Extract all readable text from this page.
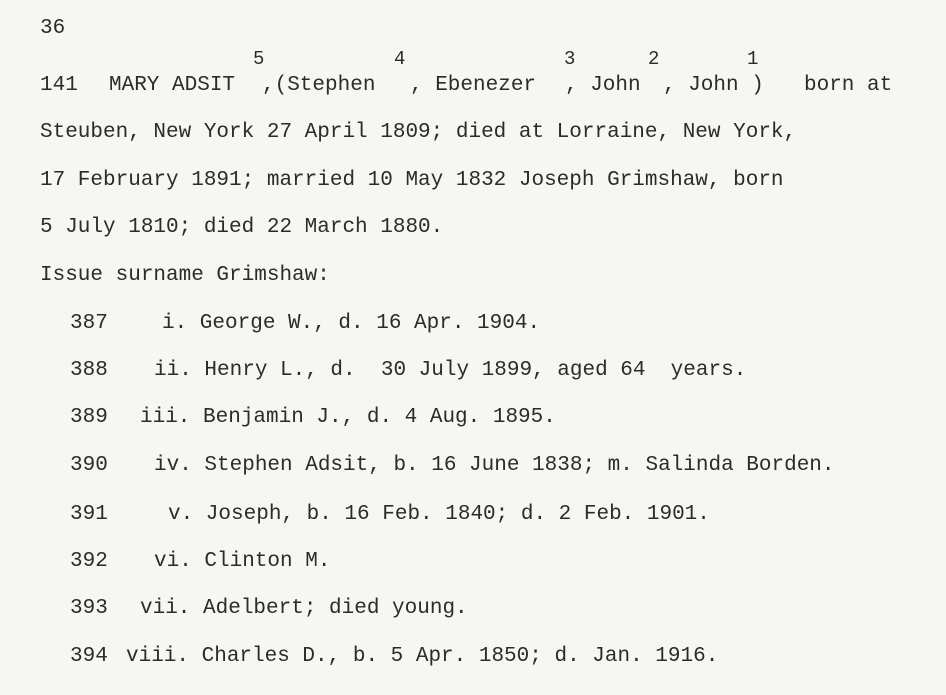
36
5	4	3	2	1
141 MARY ADSIT ,(Stephen , Ebenezer , John , John ) born at
Steuben, New York 27 April 1809; died at Lorraine, New York,
17 February 1891; married 10 May 1832 Joseph Grimshaw, born
5 July 1810; died 22 March 1880.
Issue surname Grimshaw:
387	i. George W., d. 16 Apr. 1904.
388 ii. Henry L., d.  30 July 1899, aged 64  years.
389 iii. Benjamin J., d. 4 Aug. 1895.
390 iv. Stephen Adsit, b. 16 June 1838; m. Salinda Borden.
391	v. Joseph, b. 16 Feb. 1840; d. 2 Feb. 1901.
392 vi. Clinton M.
393 vii. Adelbert; died young.
394 viii. Charles D., b. 5 Apr. 1850; d. Jan. 1916.
